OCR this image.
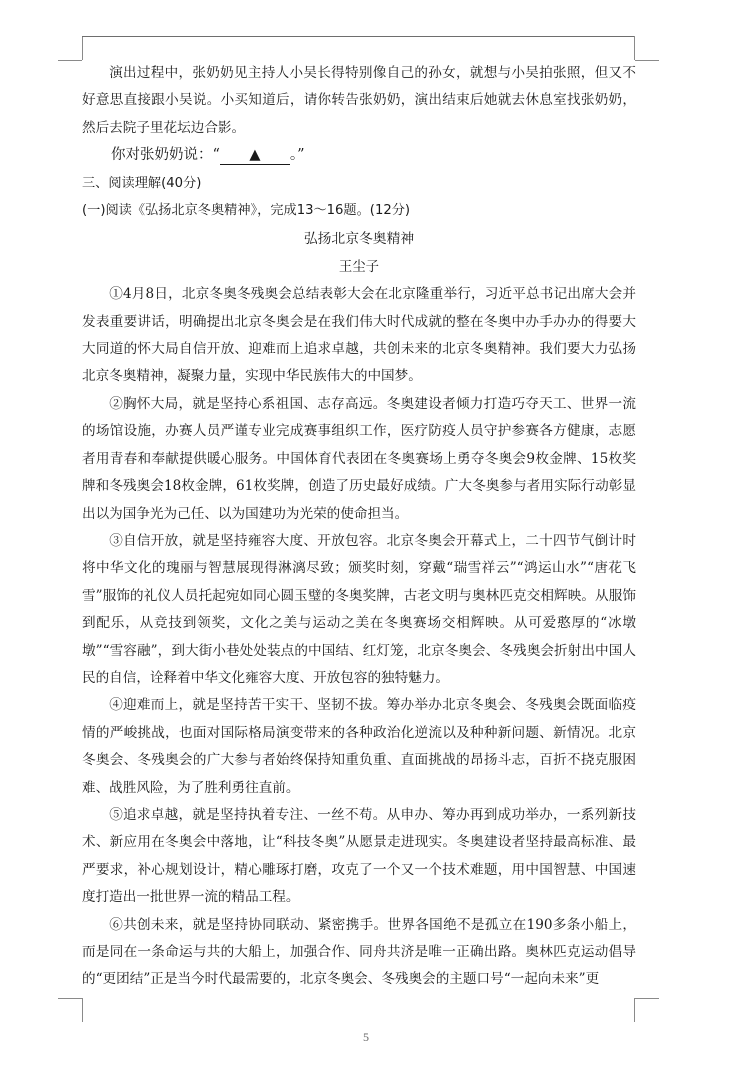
演出过程中，张奶奶见主持人小吴长得特别像自己的孙女，就想与小吴拍张照，但又不好意思直接跟小吴说。小买知道后，请你转告张奶奶，演出结束后她就去休息室找张奶奶，然后去院子里花坛边合影。

你对张奶奶说：“ ▲ 。”

三、阅读理解(40分)

(一)阅读《弘扬北京冬奥精神》，完成13～16题。(12分)

弘扬北京冬奥精神

王尘子

①4月8日，北京冬奥冬残奥会总结表彰大会在北京隆重举行，习近平总书记出席大会并发表重要讲话，明确提出北京冬奥会是在我们伟大时代成就的整在冬奥中办手办办的得要大大同道的怀大局自信开放、迎难而上追求卓越，共创未来的北京冬奥精神。我们要大力弘扬北京冬奥精神，凝聚力量，实现中华民族伟大的中国梦。

②胸怀大局，就是坚持心系祖国、志存高远。冬奥建设者倾力打造巧夺天工、世界一流的场馆设施，办赛人员严谨专业完成赛事组织工作，医疗防疫人员守护参赛各方健康，志愿者用青春和奉献提供暖心服务。中国体育代表团在冬奥赛场上勇夺冬奥会9枚金牌、15枚奖牌和冬残奥会18枚金牌，61枚奖牌，创造了历史最好成绩。广大冬奥参与者用实际行动彰显出以为国争光为己任、以为国建功为光荣的使命担当。

③自信开放，就是坚持雍容大度、开放包容。北京冬奥会开幕式上，二十四节气倒计时将中华文化的瑰丽与智慧展现得淋漓尽致；颁奖时刻，穿戴“瑞雪祥云”“鸿运山水”“唐花飞雪”服饰的礼仪人员托起宛如同心圆玉璧的冬奥奖牌，古老文明与奥林匹克交相辉映。从服饰到配乐，从竞技到领奖，文化之美与运动之美在冬奥赛场交相辉映。从可爱憨厚的“冰墩墩”“雪容融”，到大街小巷处处装点的中国结、红灯笼，北京冬奥会、冬残奥会折射出中国人民的自信，诠释着中华文化雍容大度、开放包容的独特魅力。

④迎难而上，就是坚持苦干实干、坚韧不拔。筹办举办北京冬奥会、冬残奥会既面临疫情的严峻挑战，也面对国际格局演变带来的各种政治化逆流以及种种新问题、新情况。北京冬奥会、冬残奥会的广大参与者始终保持知重负重、直面挑战的昂扬斗志，百折不挠克服困难、战胜风险，为了胜利勇往直前。

⑤追求卓越，就是坚持执着专注、一丝不苟。从申办、筹办再到成功举办，一系列新技术、新应用在冬奥会中落地，让“科技冬奥”从愿景走进现实。冬奥建设者坚持最高标准、最严要求，补心规划设计，精心雕琢打磨，攻克了一个又一个技术难题，用中国智慧、中国速度打造出一批世界一流的精品工程。

⑥共创未来，就是坚持协同联动、紧密携手。世界各国绝不是孤立在190多条小船上，而是同在一条命运与共的大船上，加强合作、同舟共济是唯一正确出路。奥林匹克运动倡导的“更团结”正是当今时代最需要的，北京冬奥会、冬残奥会的主题口号“一起向未来”更

5
